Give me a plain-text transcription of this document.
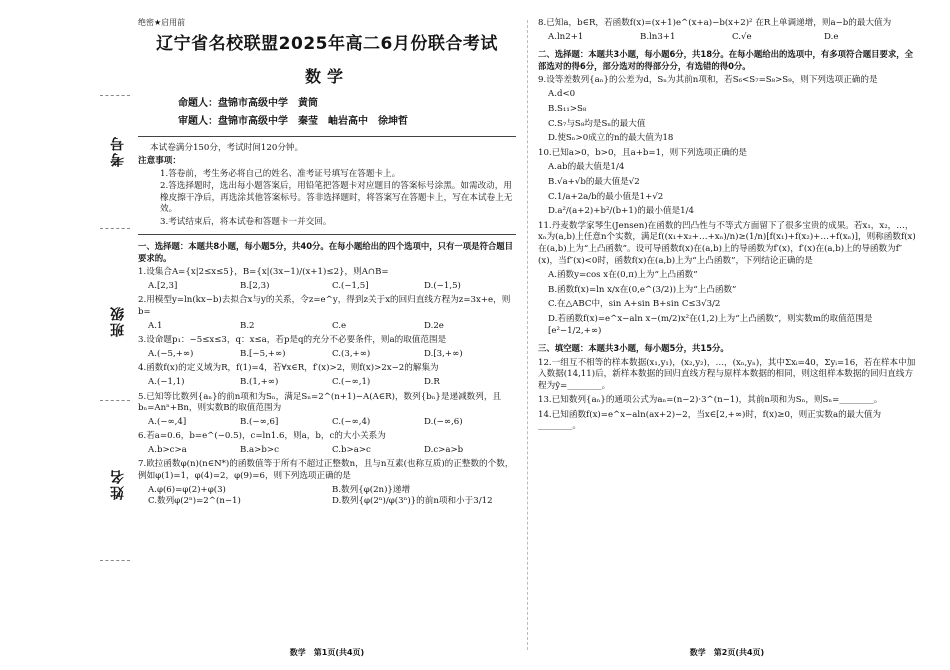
考号
班级
姓名
绝密★启用前
辽宁省名校联盟2025年高二6月份联合考试
数学
命题人：盘锦市高级中学　黄筒
审题人：盘锦市高级中学　秦莹　岫岩高中　徐坤哲
本试卷满分150分，考试时间120分钟。
注意事项：
1.答卷前，考生务必将自己的姓名、准考证号填写在答题卡上。
2.答选择题时，选出每小题答案后，用铅笔把答题卡对应题目的答案标号涂黑。如需改动，用橡皮擦干净后，再选涂其他答案标号。答非选择题时，将答案写在答题卡上，写在本试卷上无效。
3.考试结束后，将本试卷和答题卡一并交回。
一、选择题：本题共8小题，每小题5分，共40分。在每小题给出的四个选项中，只有一项是符合题目要求的。
1.设集合A={x|2≤x≤5}，B={x|(3x−1)/(x+1)≤2}，则A∩B=
A.[2,3]	B.[2,3)	C.(−1,5]	D.(−1,5)
2.用模型y=ln(kx−b)去拟合x与y的关系，令z=e^y，得到z关于x的回归直线方程为z=3x+e，则b=
A.1	B.2	C.e	D.2e
3.设命题p₁：−5≤x≤3，q：x≤a，若p是q的充分不必要条件，则a的取值范围是
A.(−5,+∞)	B.[−5,+∞)	C.(3,+∞)	D.[3,+∞)
4.函数f(x)的定义域为R，f(1)=4，若∀x∈R，f′(x)>2，则f(x)>2x−2的解集为
A.(−1,1)	B.(1,+∞)	C.(−∞,1)	D.R
5.已知等比数列{aₙ}的前n项和为Sₙ，满足Sₙ=2^(n+1)−A(A∈R)，数列{bₙ}是递减数列，且bₙ=Anⁿ+Bn，则实数B的取值范围为
A.(−∞,4]	B.(−∞,6]	C.(−∞,4)	D.(−∞,6)
6.若a=0.6，b=e^(−0.5)，c=ln1.6，则a，b，c的大小关系为
A.b>c>a	B.a>b>c	C.b>a>c	D.c>a>b
7.欧拉函数φ(n)(n∈N*)的函数值等于所有不超过正整数n，且与n互素(也称互质)的正整数的个数，例如φ(1)=1，φ(4)=2，φ(9)=6，则下列选项正确的是
A.φ(6)=φ(2)+φ(3)	B.数列{φ(2n)}递增
C.数列φ(2ⁿ)=2^(n−1)	D.数列{φ(2ⁿ)/φ(3ⁿ)}的前n项和小于3/12
8.已知a，b∈R，若函数f(x)=(x+1)e^(x+a)−b(x+2)² 在R上单调递增，则a−b的最大值为
A.ln2+1	B.ln3+1	C.√e	D.e
二、选择题：本题共3小题，每小题6分，共18分。在每小题给出的选项中，有多项符合题目要求，全部选对的得6分，部分选对的得部分分，有选错的得0分。
9.设等差数列{aₙ}的公差为d，Sₙ为其前n项和，若S₆<S₇=S₈>S₉，则下列选项正确的是
A.d<0
B.S₁₁>S₈
C.S₇与S₈均是Sₙ的最大值
D.使Sₙ>0成立的n的最大值为18
10.已知a>0，b>0，且a+b=1，则下列选项正确的是
A.ab的最大值是1/4
B.√a+√b的最大值是√2
C.1/a+2a/b的最小值是1+√2
D.a²/(a+2)+b²/(b+1)的最小值是1/4
11.丹麦数学家琴生(Jensen)在函数的凹凸性与不等式方面留下了很多宝贵的成果。若x₁，x₂，…，xₙ为(a,b)上任意n个实数，满足f((x₁+x₂+…+xₙ)/n)≥(1/n)[f(x₁)+f(x₂)+…+f(xₙ)]，则称函数f(x)在(a,b)上为“上凸函数”。设可导函数f(x)在(a,b)上的导函数为f′(x)，f′(x)在(a,b)上的导函数为f″(x)，当f″(x)<0时，函数f(x)在(a,b)上为“上凸函数”，下列结论正确的是
A.函数y=cos x在(0,π)上为“上凸函数”
B.函数f(x)=ln x/x在(0,e^(3/2))上为“上凸函数”
C.在△ABC中，sin A+sin B+sin C≤3√3/2
D.若函数f(x)=e^x−aln x−(m/2)x²在(1,2)上为“上凸函数”，则实数m的取值范围是[e²−1/2,+∞)
三、填空题：本题共3小题，每小题5分，共15分。
12.一组互不相等的样本数据(x₁,y₁)，(x₂,y₂)，…，(xₙ,yₙ)，其中Σxᵢ=40，Σyᵢ=16，若在样本中加入数据(14,11)后，新样本数据的回归直线方程与原样本数据的相同，则这组样本数据的回归直线方程为ŷ=________。
13.已知数列{aₙ}的通项公式为aₙ=(n−2)·3^(n−1)，其前n项和为Sₙ，则Sₙ=________。
14.已知函数f(x)=e^x−aln(ax+2)−2，当x∈[2,+∞)时，f(x)≥0，则正实数a的最大值为________。
数学　第1页(共4页)	数学　第2页(共4页)
